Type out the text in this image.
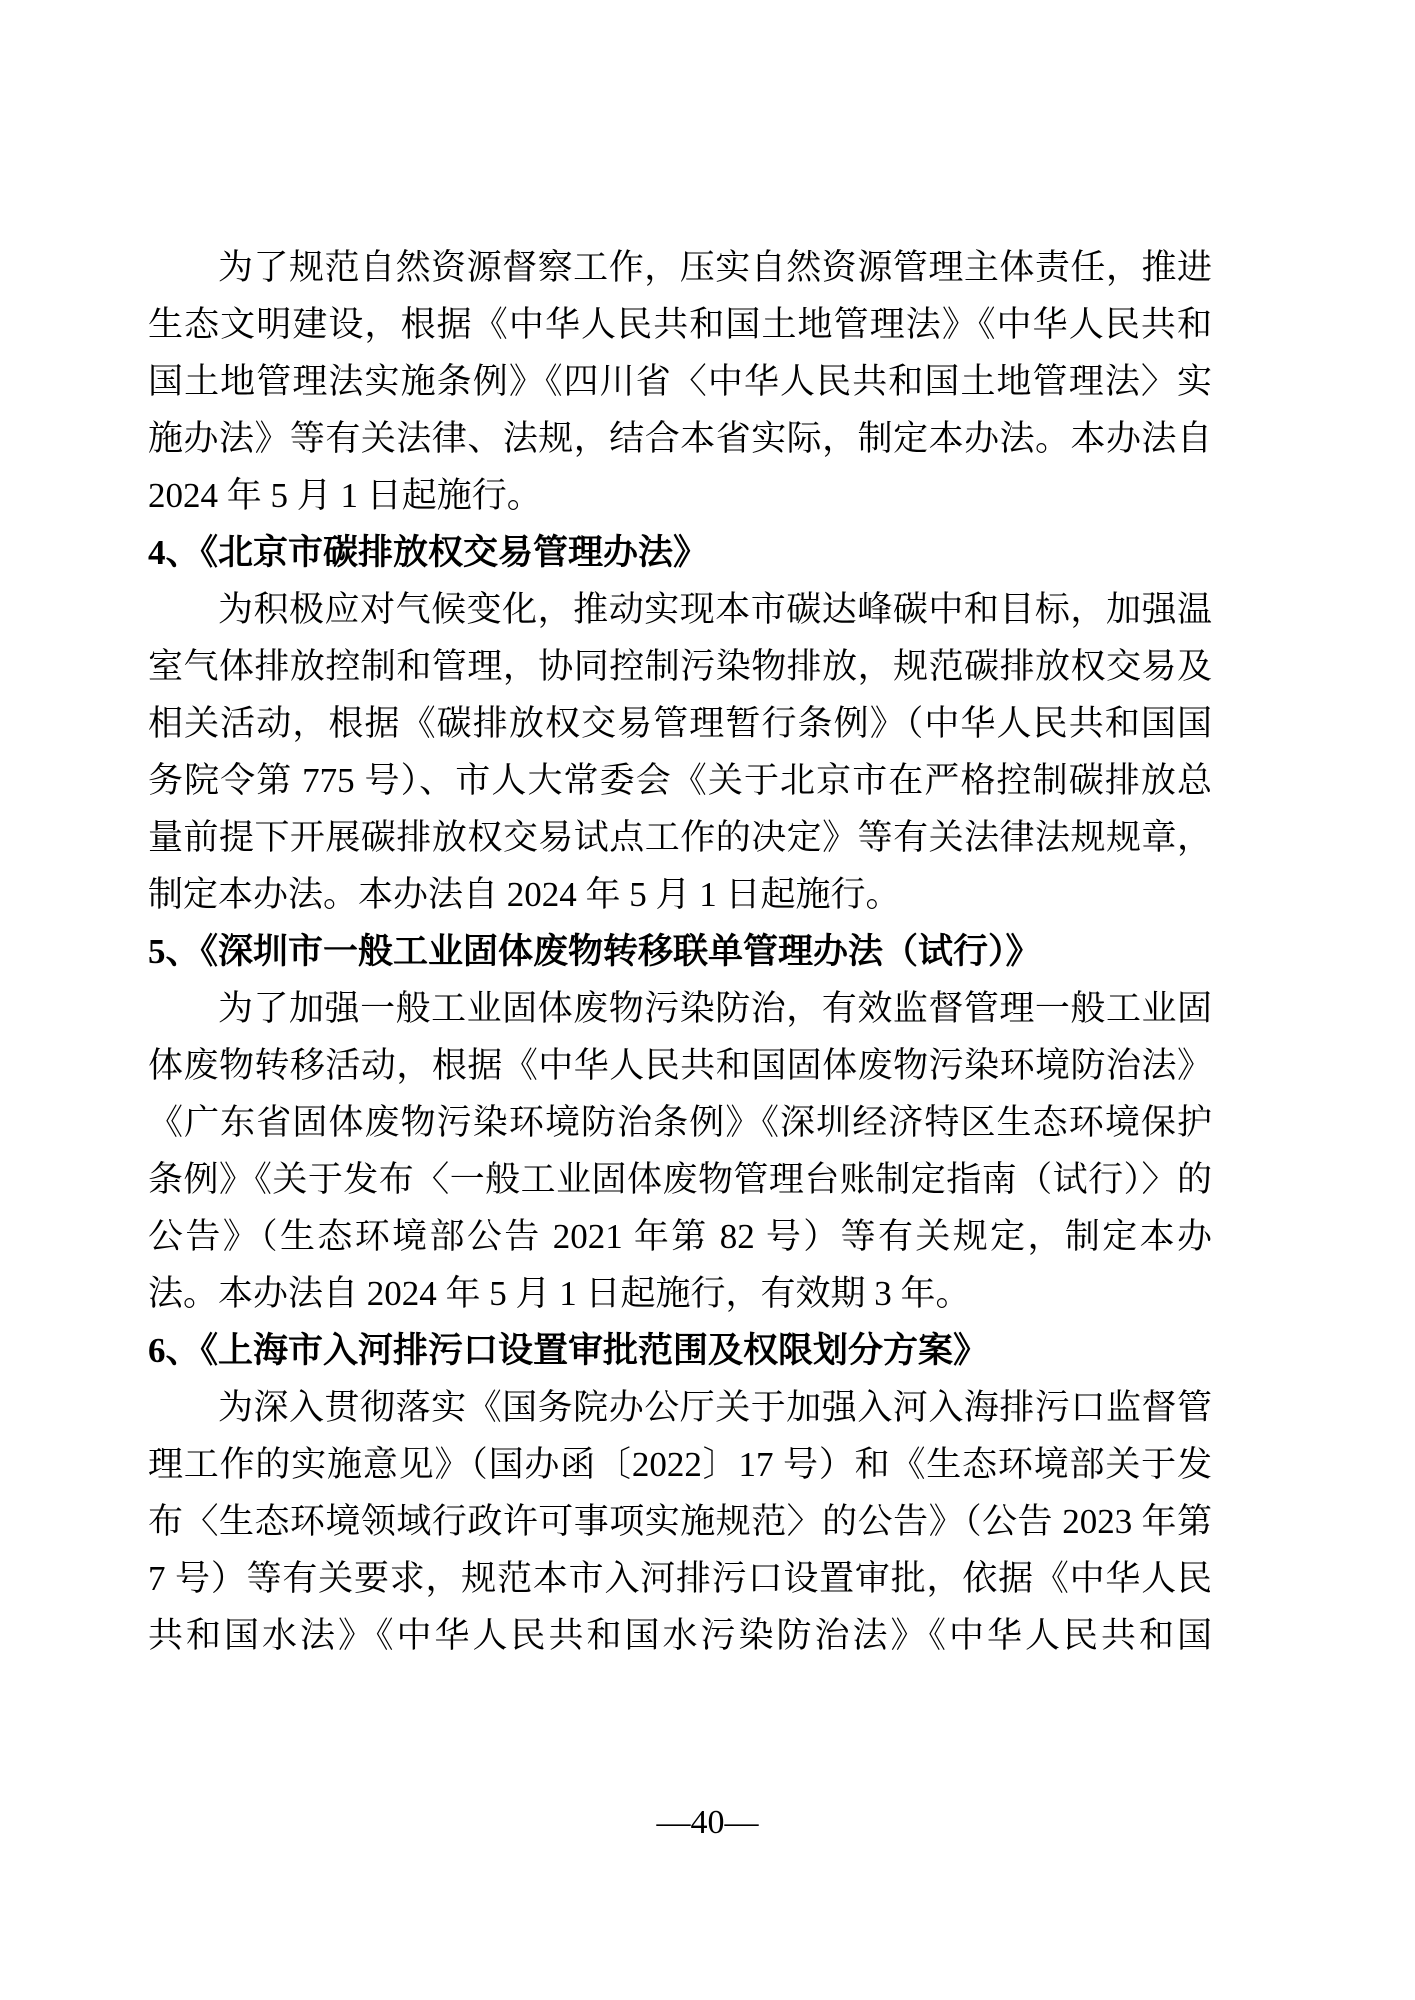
为了规范自然资源督察工作，压实自然资源管理主体责任，推进生态文明建设，根据《中华人民共和国土地管理法》《中华人民共和国土地管理法实施条例》《四川省〈中华人民共和国土地管理法〉实施办法》等有关法律、法规，结合本省实际，制定本办法。本办法自 2024 年 5 月 1 日起施行。

4、《北京市碳排放权交易管理办法》

为积极应对气候变化，推动实现本市碳达峰碳中和目标，加强温室气体排放控制和管理，协同控制污染物排放，规范碳排放权交易及相关活动，根据《碳排放权交易管理暂行条例》（中华人民共和国国务院令第 775 号）、市人大常委会《关于北京市在严格控制碳排放总量前提下开展碳排放权交易试点工作的决定》等有关法律法规规章，制定本办法。本办法自 2024 年 5 月 1 日起施行。

5、《深圳市一般工业固体废物转移联单管理办法（试行）》

为了加强一般工业固体废物污染防治，有效监督管理一般工业固体废物转移活动，根据《中华人民共和国固体废物污染环境防治法》《广东省固体废物污染环境防治条例》《深圳经济特区生态环境保护条例》《关于发布〈一般工业固体废物管理台账制定指南（试行）〉的公告》（生态环境部公告 2021 年第 82 号）等有关规定，制定本办法。本办法自 2024 年 5 月 1 日起施行，有效期 3 年。

6、《上海市入河排污口设置审批范围及权限划分方案》

为深入贯彻落实《国务院办公厅关于加强入河入海排污口监督管理工作的实施意见》（国办函〔2022〕17 号）和《生态环境部关于发布〈生态环境领域行政许可事项实施规范〉的公告》（公告 2023 年第 7 号）等有关要求，规范本市入河排污口设置审批，依据《中华人民共和国水法》《中华人民共和国水污染防治法》《中华人民共和国

—40—
